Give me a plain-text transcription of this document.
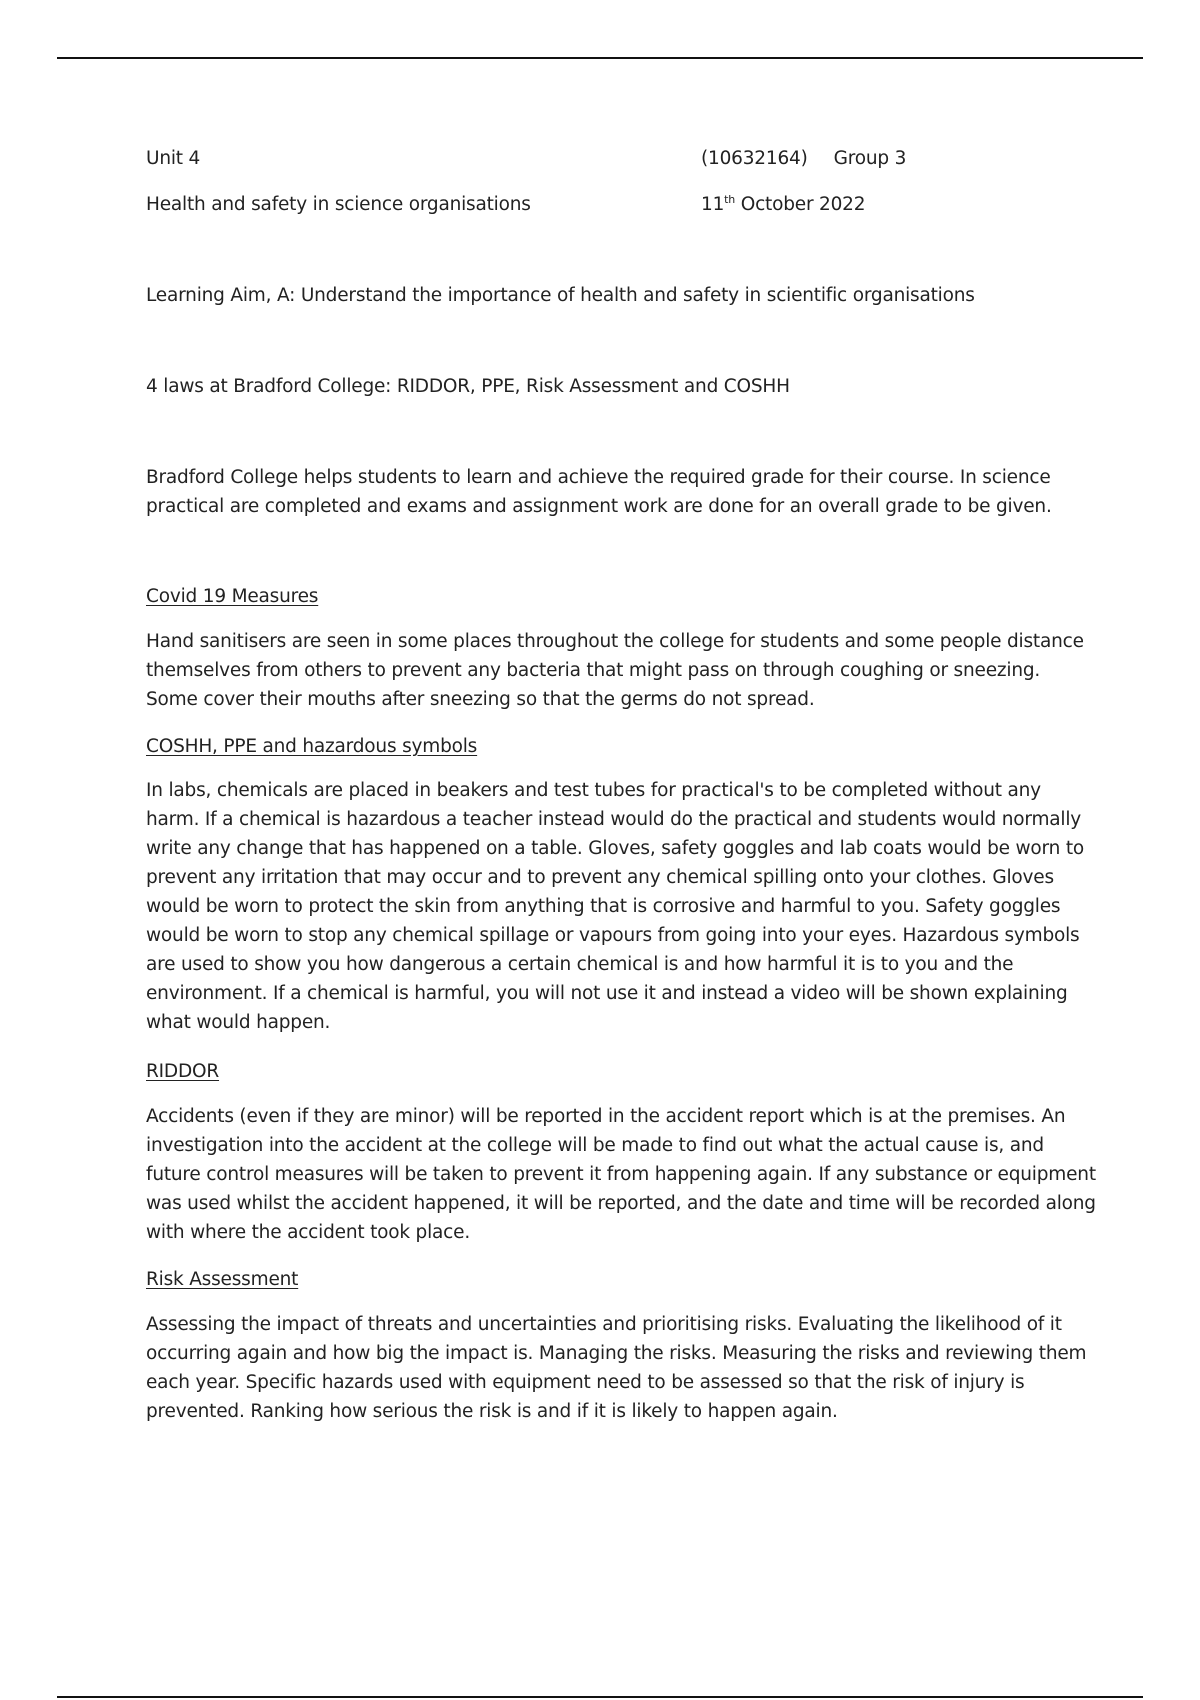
Unit 4	(10632164) Group 3
Health and safety in science organisations	11th October 2022
Learning Aim, A: Understand the importance of health and safety in scientific organisations
4 laws at Bradford College: RIDDOR, PPE, Risk Assessment and COSHH
Bradford College helps students to learn and achieve the required grade for their course. In science practical are completed and exams and assignment work are done for an overall grade to be given.
Covid 19 Measures
Hand sanitisers are seen in some places throughout the college for students and some people distance themselves from others to prevent any bacteria that might pass on through coughing or sneezing. Some cover their mouths after sneezing so that the germs do not spread.
COSHH, PPE and hazardous symbols
In labs, chemicals are placed in beakers and test tubes for practical's to be completed without any harm. If a chemical is hazardous a teacher instead would do the practical and students would normally write any change that has happened on a table. Gloves, safety goggles and lab coats would be worn to prevent any irritation that may occur and to prevent any chemical spilling onto your clothes. Gloves would be worn to protect the skin from anything that is corrosive and harmful to you. Safety goggles would be worn to stop any chemical spillage or vapours from going into your eyes. Hazardous symbols are used to show you how dangerous a certain chemical is and how harmful it is to you and the environment. If a chemical is harmful, you will not use it and instead a video will be shown explaining what would happen.
RIDDOR
Accidents (even if they are minor) will be reported in the accident report which is at the premises. An investigation into the accident at the college will be made to find out what the actual cause is, and future control measures will be taken to prevent it from happening again. If any substance or equipment was used whilst the accident happened, it will be reported, and the date and time will be recorded along with where the accident took place.
Risk Assessment
Assessing the impact of threats and uncertainties and prioritising risks. Evaluating the likelihood of it occurring again and how big the impact is. Managing the risks. Measuring the risks and reviewing them each year. Specific hazards used with equipment need to be assessed so that the risk of injury is prevented. Ranking how serious the risk is and if it is likely to happen again.
